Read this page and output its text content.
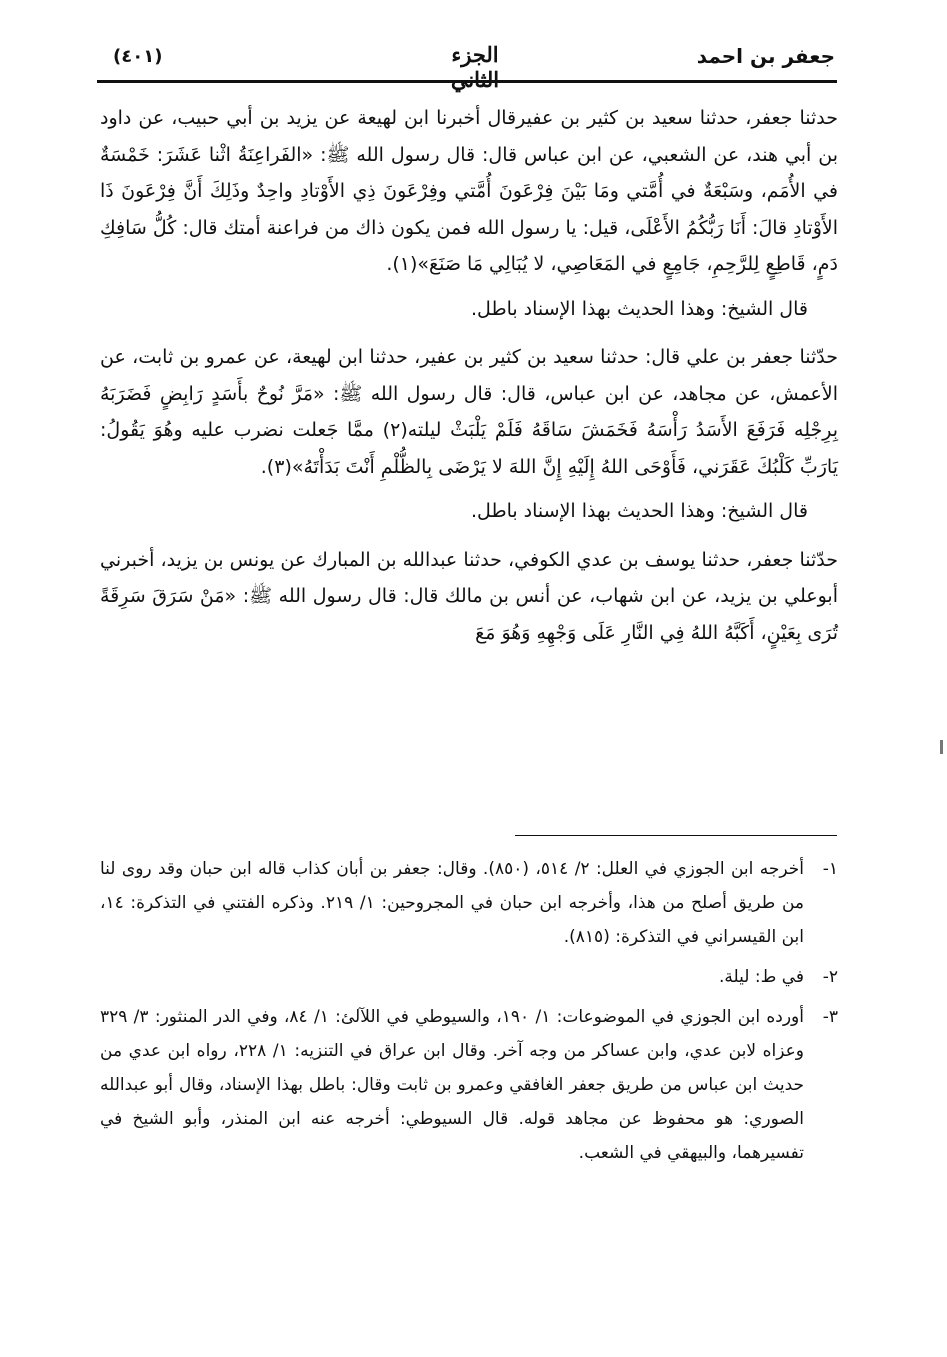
جعفر بن احمد
الجزء الثاني
(٤٠١)

حدثنا جعفر، حدثنا سعيد بن كثير بن عفيرقال أخبرنا ابن لهيعة عن يزيد بن أبي حبيب، عن داود بن أبي هند، عن الشعبي، عن ابن عباس قال: قال رسول الله ﷺ: «الفَراعِنَةُ اثْنا عَشَرَ: خَمْسَةٌ في الأُمَم، وسَبْعَةٌ في أُمَّتي ومَا بَيْنَ فِرْعَونَ أُمَّتي وفِرْعَونَ ذِي الأَوْتادِ واحِدٌ وذَلِكَ أَنَّ فِرْعَونَ ذَا الأَوْتادِ قالَ: أَنَا رَبُّكُمُ الأَعْلَى، قيل: يا رسول الله فمن يكون ذاك من فراعنة أمتك قال: كُلُّ سَافِكِ دَمٍ، قَاطِعٍ لِلرَّحِمِ، جَامِعٍ في المَعَاصِي، لا يُبَالِي مَا صَنَعَ»(١).

قال الشيخ: وهذا الحديث بهذا الإسناد باطل.

حدّثنا جعفر بن علي قال: حدثنا سعيد بن كثير بن عفير، حدثنا ابن لهيعة، عن عمرو بن ثابت، عن الأعمش، عن مجاهد، عن ابن عباس، قال: قال رسول الله ﷺ: «مَرَّ نُوحٌ بأَسَدٍ رَابِضٍ فَضَرَبَهُ بِرِجْلِه فَرَفَعَ الأَسَدُ رَأْسَهُ فَخَمَشَ سَاقَهُ فَلَمْ يَلْبَثْ ليلته(٢) ممَّا جَعلت نضرب عليه وهُوَ يَقُولُ: يَارَبِّ كَلْبُكَ عَقَرَني، فَأَوْحَى اللهُ إِلَيْهِ إِنَّ اللهَ لا يَرْضَى بِالظُّلْمِ أَنْتَ بَدَأْتَهُ»(٣).

قال الشيخ: وهذا الحديث بهذا الإسناد باطل.

حدّثنا جعفر، حدثنا يوسف بن عدي الكوفي، حدثنا عبدالله بن المبارك عن يونس بن يزيد، أخبرني أبوعلي بن يزيد، عن ابن شهاب، عن أنس بن مالك قال: قال رسول الله ﷺ: «مَنْ سَرَقَ سَرِقَةً تُرَى بِعَيْنٍ، أَكَبَّهُ اللهُ فِي النَّارِ عَلَى وَجْهِهِ وَهُوَ مَعَ

١-
أخرجه ابن الجوزي في العلل: ٢/ ٥١٤، (٨٥٠). وقال: جعفر بن أبان كذاب قاله ابن حبان وقد روى لنا من طريق أصلح من هذا، وأخرجه ابن حبان في المجروحين: ١/ ٢١٩. وذكره الفتني في التذكرة: ١٤، ابن القيسراني في التذكرة: (٨١٥).
٢-
في ط: ليلة.
٣-
أورده ابن الجوزي في الموضوعات: ١/ ١٩٠، والسيوطي في اللآلئ: ١/ ٨٤، وفي الدر المنثور: ٣/ ٣٢٩ وعزاه لابن عدي، وابن عساكر من وجه آخر. وقال ابن عراق في التنزيه: ١/ ٢٢٨، رواه ابن عدي من حديث ابن عباس من طريق جعفر الغافقي وعمرو بن ثابت وقال: باطل بهذا الإسناد، وقال أبو عبدالله الصوري: هو محفوظ عن مجاهد قوله. قال السيوطي: أخرجه عنه ابن المنذر، وأبو الشيخ في تفسيرهما، والبيهقي في الشعب.
